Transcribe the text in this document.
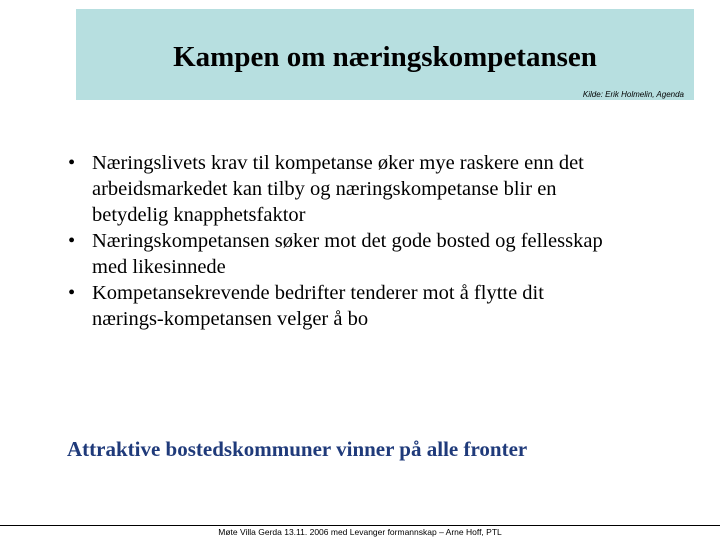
Kampen om næringskompetansen
Kilde: Erik Holmelin, Agenda
• Næringslivets krav til kompetanse øker mye raskere enn det arbeidsmarkedet kan tilby og næringskompetanse blir en betydelig knapphetsfaktor
• Næringskompetansen søker mot det gode bosted og fellesskap med likesinnede
• Kompetansekrevende bedrifter tenderer mot å flytte dit nærings-kompetansen velger å bo
Attraktive bostedskommuner vinner på alle fronter
Møte Villa Gerda 13.11. 2006 med Levanger formannskap – Arne Hoff, PTL
